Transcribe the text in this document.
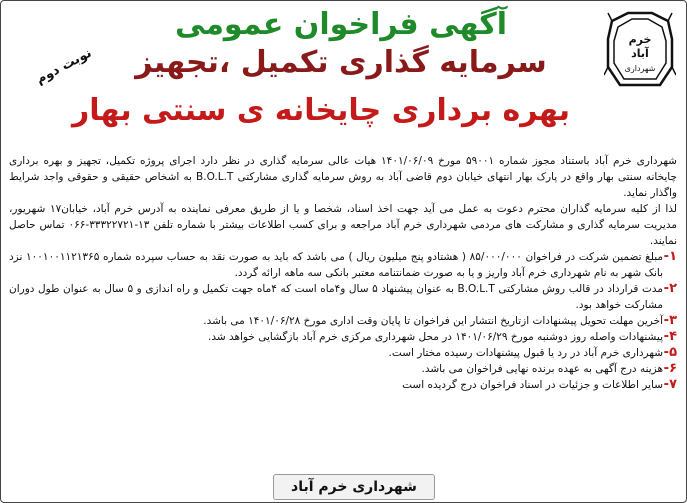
نوبت دوم
آگهی فراخوان عمومی
سرمایه گذاری تکمیل ،تجهیز
بهره برداری چایخانه ی سنتی بهار
خرم
آباد
شهرداری

شهرداری خرم آباد باستناد مجوز شماره ۵۹۰۰۱ مورخ ۱۴۰۱/۰۶/۰۹ هیات عالی سرمایه گذاری در نظر دارد اجرای پروژه تکمیل، تجهیز و بهره برداری چایخانه سنتی بهار واقع در پارک بهار انتهای خیابان دوم قاضی آباد به روش سرمایه گذاری مشارکتی B.O.L.T به اشخاص حقیقی و حقوقی واجد شرایط واگذار نماید.

لذا از کلیه سرمایه گذاران محترم دعوت به عمل می آید جهت اخذ اسناد، شخصا و یا از طریق معرفی نماینده به آدرس خرم آباد، خیابان۱۷ شهریور، مدیریت سرمایه گذاری و مشارکت های مردمی شهرداری خرم آباد مراجعه و برای کسب اطلاعات بیشتر با شماره تلفن ۱۳-۳۳۳۲۲۷۲۱-۰۶۶ تماس حاصل نمایند.

۱-
مبلغ تضمین شرکت در فراخوان ۸۵/۰۰۰/۰۰۰ ( هشتادو پنج میلیون ریال ) می باشد که باید به صورت نقد به حساب سپرده شماره ۱۰۰۱۰۰۱۱۲۱۳۶۵ نزد بانک شهر به نام شهرداری خرم آباد واریز و یا به صورت ضمانتنامه معتبر بانکی سه ماهه ارائه گردد.
۲-
مدت قرارداد در قالب روش مشارکتی B.O.L.T به عنوان پیشنهاد ۵ سال و۴ماه است که ۴ماه جهت تکمیل و راه اندازی و ۵ سال به عنوان طول دوران مشارکت خواهد بود.
۳-
آخرین مهلت تحویل پیشنهادات ازتاریخ انتشار این فراخوان تا پایان وقت اداری مورخ ۱۴۰۱/۰۶/۲۸ می باشد.
۴-
پیشنهادات واصله روز دوشنبه مورخ ۱۴۰۱/۰۶/۲۹ در محل شهرداری مرکزی خرم آباد بازگشایی خواهد شد.
۵-
شهرداری خرم آباد در رد یا قبول پیشنهادات رسیده مختار است.
۶-
هزینه درج آگهی به عهده برنده نهایی فراخوان می باشد.
۷-
سایر اطلاعات و جزئیات در اسناد فراخوان درج گردیده است
شهرداری خرم آباد
